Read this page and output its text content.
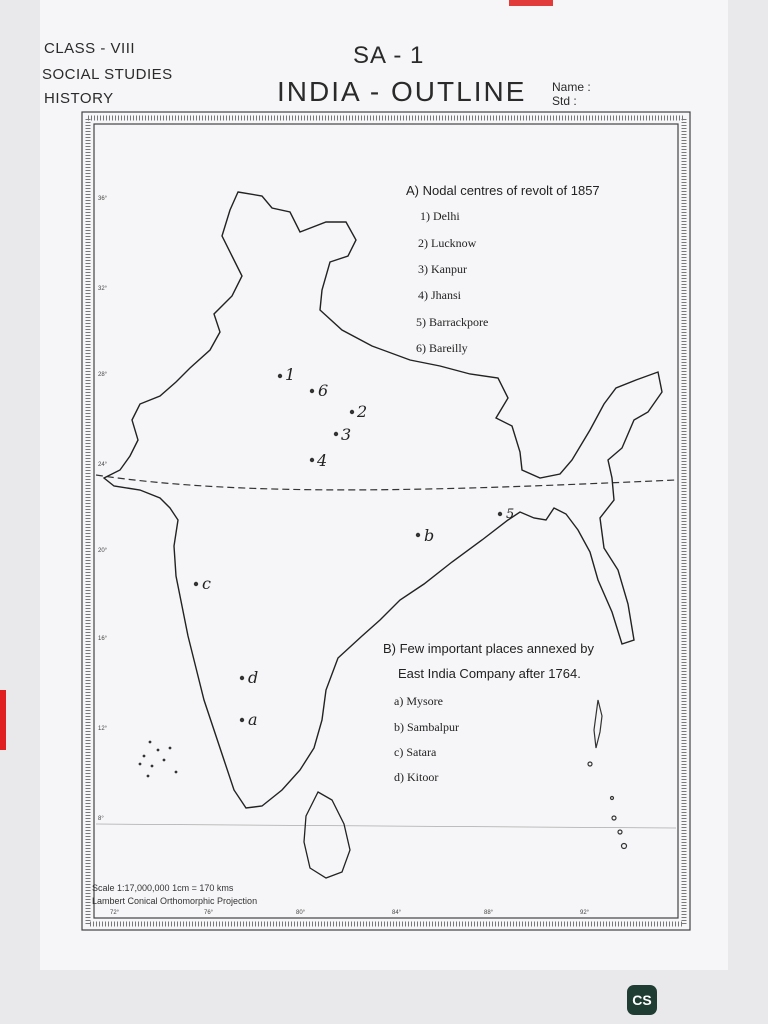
CLASS - VIII
SOCIAL STUDIES
HISTORY
SA - 1
INDIA - OUTLINE Name :
Std :
1
6
2
3
4
5
b
c
d
a
36°
32°
28°
24°
20°
16°
12°
8°
72°	76°	80°	84°	88°	92°
A) Nodal centres of revolt of 1857
1) Delhi
2) Lucknow
3) Kanpur
4) Jhansi
5) Barrackpore
6) Bareilly
B) Few important places annexed by
East India Company after 1764.
a) Mysore
b) Sambalpur
c) Satara
d) Kitoor
Scale 1:17,000,000 1cm = 170 kms
Lambert Conical Orthomorphic Projection
CS
